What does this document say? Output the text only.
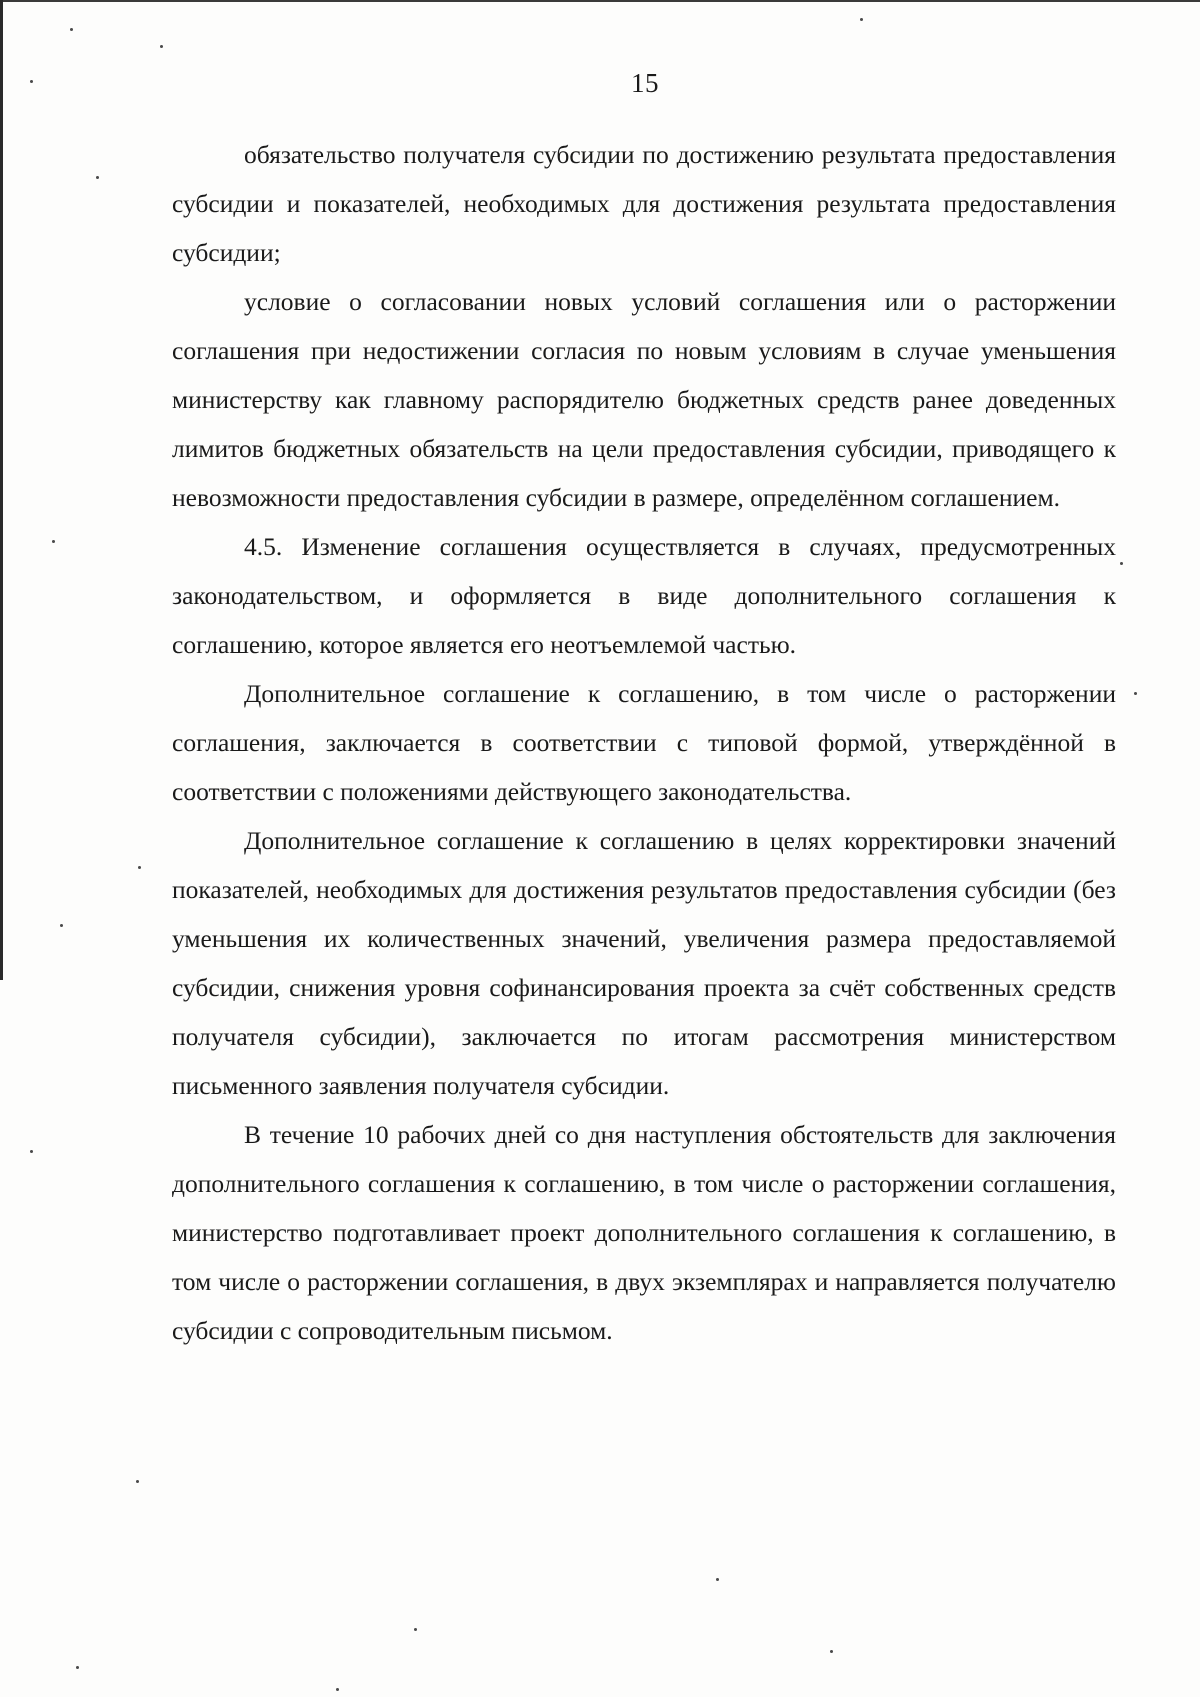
15

обязательство получателя субсидии по достижению результата предоставления субсидии и показателей, необходимых для достижения результата предоставления субсидии;

условие о согласовании новых условий соглашения или о расторжении соглашения при недостижении согласия по новым условиям в случае уменьшения министерству как главному распорядителю бюджетных средств ранее доведенных лимитов бюджетных обязательств на цели предоставления субсидии, приводящего к невозможности предоставления субсидии в размере, определённом соглашением.

4.5. Изменение соглашения осуществляется в случаях, предусмотренных законодательством, и оформляется в виде дополнительного соглашения к соглашению, которое является его неотъемлемой частью.

Дополнительное соглашение к соглашению, в том числе о расторжении соглашения, заключается в соответствии с типовой формой, утверждённой в соответствии с положениями действующего законодательства.

Дополнительное соглашение к соглашению в целях корректировки значений показателей, необходимых для достижения результатов предоставления субсидии (без уменьшения их количественных значений, увеличения размера предоставляемой субсидии, снижения уровня софинансирования проекта за счёт собственных средств получателя субсидии), заключается по итогам рассмотрения министерством письменного заявления получателя субсидии.

В течение 10 рабочих дней со дня наступления обстоятельств для заключения дополнительного соглашения к соглашению, в том числе о расторжении соглашения, министерство подготавливает проект дополнительного соглашения к соглашению, в том числе о расторжении соглашения, в двух экземплярах и направляется получателю субсидии с сопроводительным письмом.
